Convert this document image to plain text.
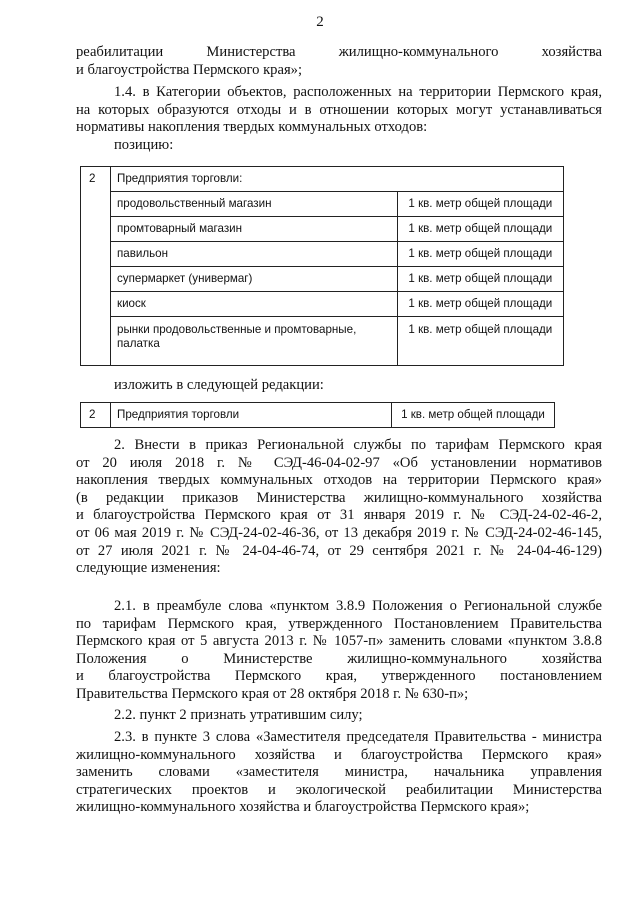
2
реабилитации Министерства жилищно-коммунального хозяйства
и благоустройства Пермского края»;
1.4. в Категории объектов, расположенных на территории Пермского края,
на которых образуются отходы и в отношении которых могут устанавливаться
нормативы накопления твердых коммунальных отходов:
позицию:
2	Предприятия торговли:	
	продовольственный магазин	1 кв. метр общей площади
	промтоварный магазин	1 кв. метр общей площади
	павильон	1 кв. метр общей площади
	супермаркет (универмаг)	1 кв. метр общей площади
	киоск	1 кв. метр общей площади
	рынки продовольственные и промтоварные, палатка	1 кв. метр общей площади
изложить в следующей редакции:
2	Предприятия торговли	1 кв. метр общей площади
2. Внести в приказ Региональной службы по тарифам Пермского края
от 20 июля 2018 г. № СЭД-46-04-02-97 «Об установлении нормативов
накопления твердых коммунальных отходов на территории Пермского края»
(в редакции приказов Министерства жилищно-коммунального хозяйства
и благоустройства Пермского края от 31 января 2019 г. № СЭД-24-02-46-2,
от 06 мая 2019 г. № СЭД-24-02-46-36, от 13 декабря 2019 г. № СЭД-24-02-46-145,
от 27 июля 2021 г. № 24-04-46-74, от 29 сентября 2021 г. № 24-04-46-129)
следующие изменения:
2.1. в преамбуле слова «пунктом 3.8.9 Положения о Региональной службе
по тарифам Пермского края, утвержденного Постановлением Правительства
Пермского края от 5 августа 2013 г. № 1057-п» заменить словами «пунктом 3.8.8
Положения о Министерстве жилищно-коммунального хозяйства
и благоустройства Пермского края, утвержденного постановлением
Правительства Пермского края от 28 октября 2018 г. № 630-п»;
2.2. пункт 2 признать утратившим силу;
2.3. в пункте 3 слова «Заместителя председателя Правительства - министра
жилищно-коммунального хозяйства и благоустройства Пермского края»
заменить словами «заместителя министра, начальника управления
стратегических проектов и экологической реабилитации Министерства
жилищно-коммунального хозяйства и благоустройства Пермского края»;
